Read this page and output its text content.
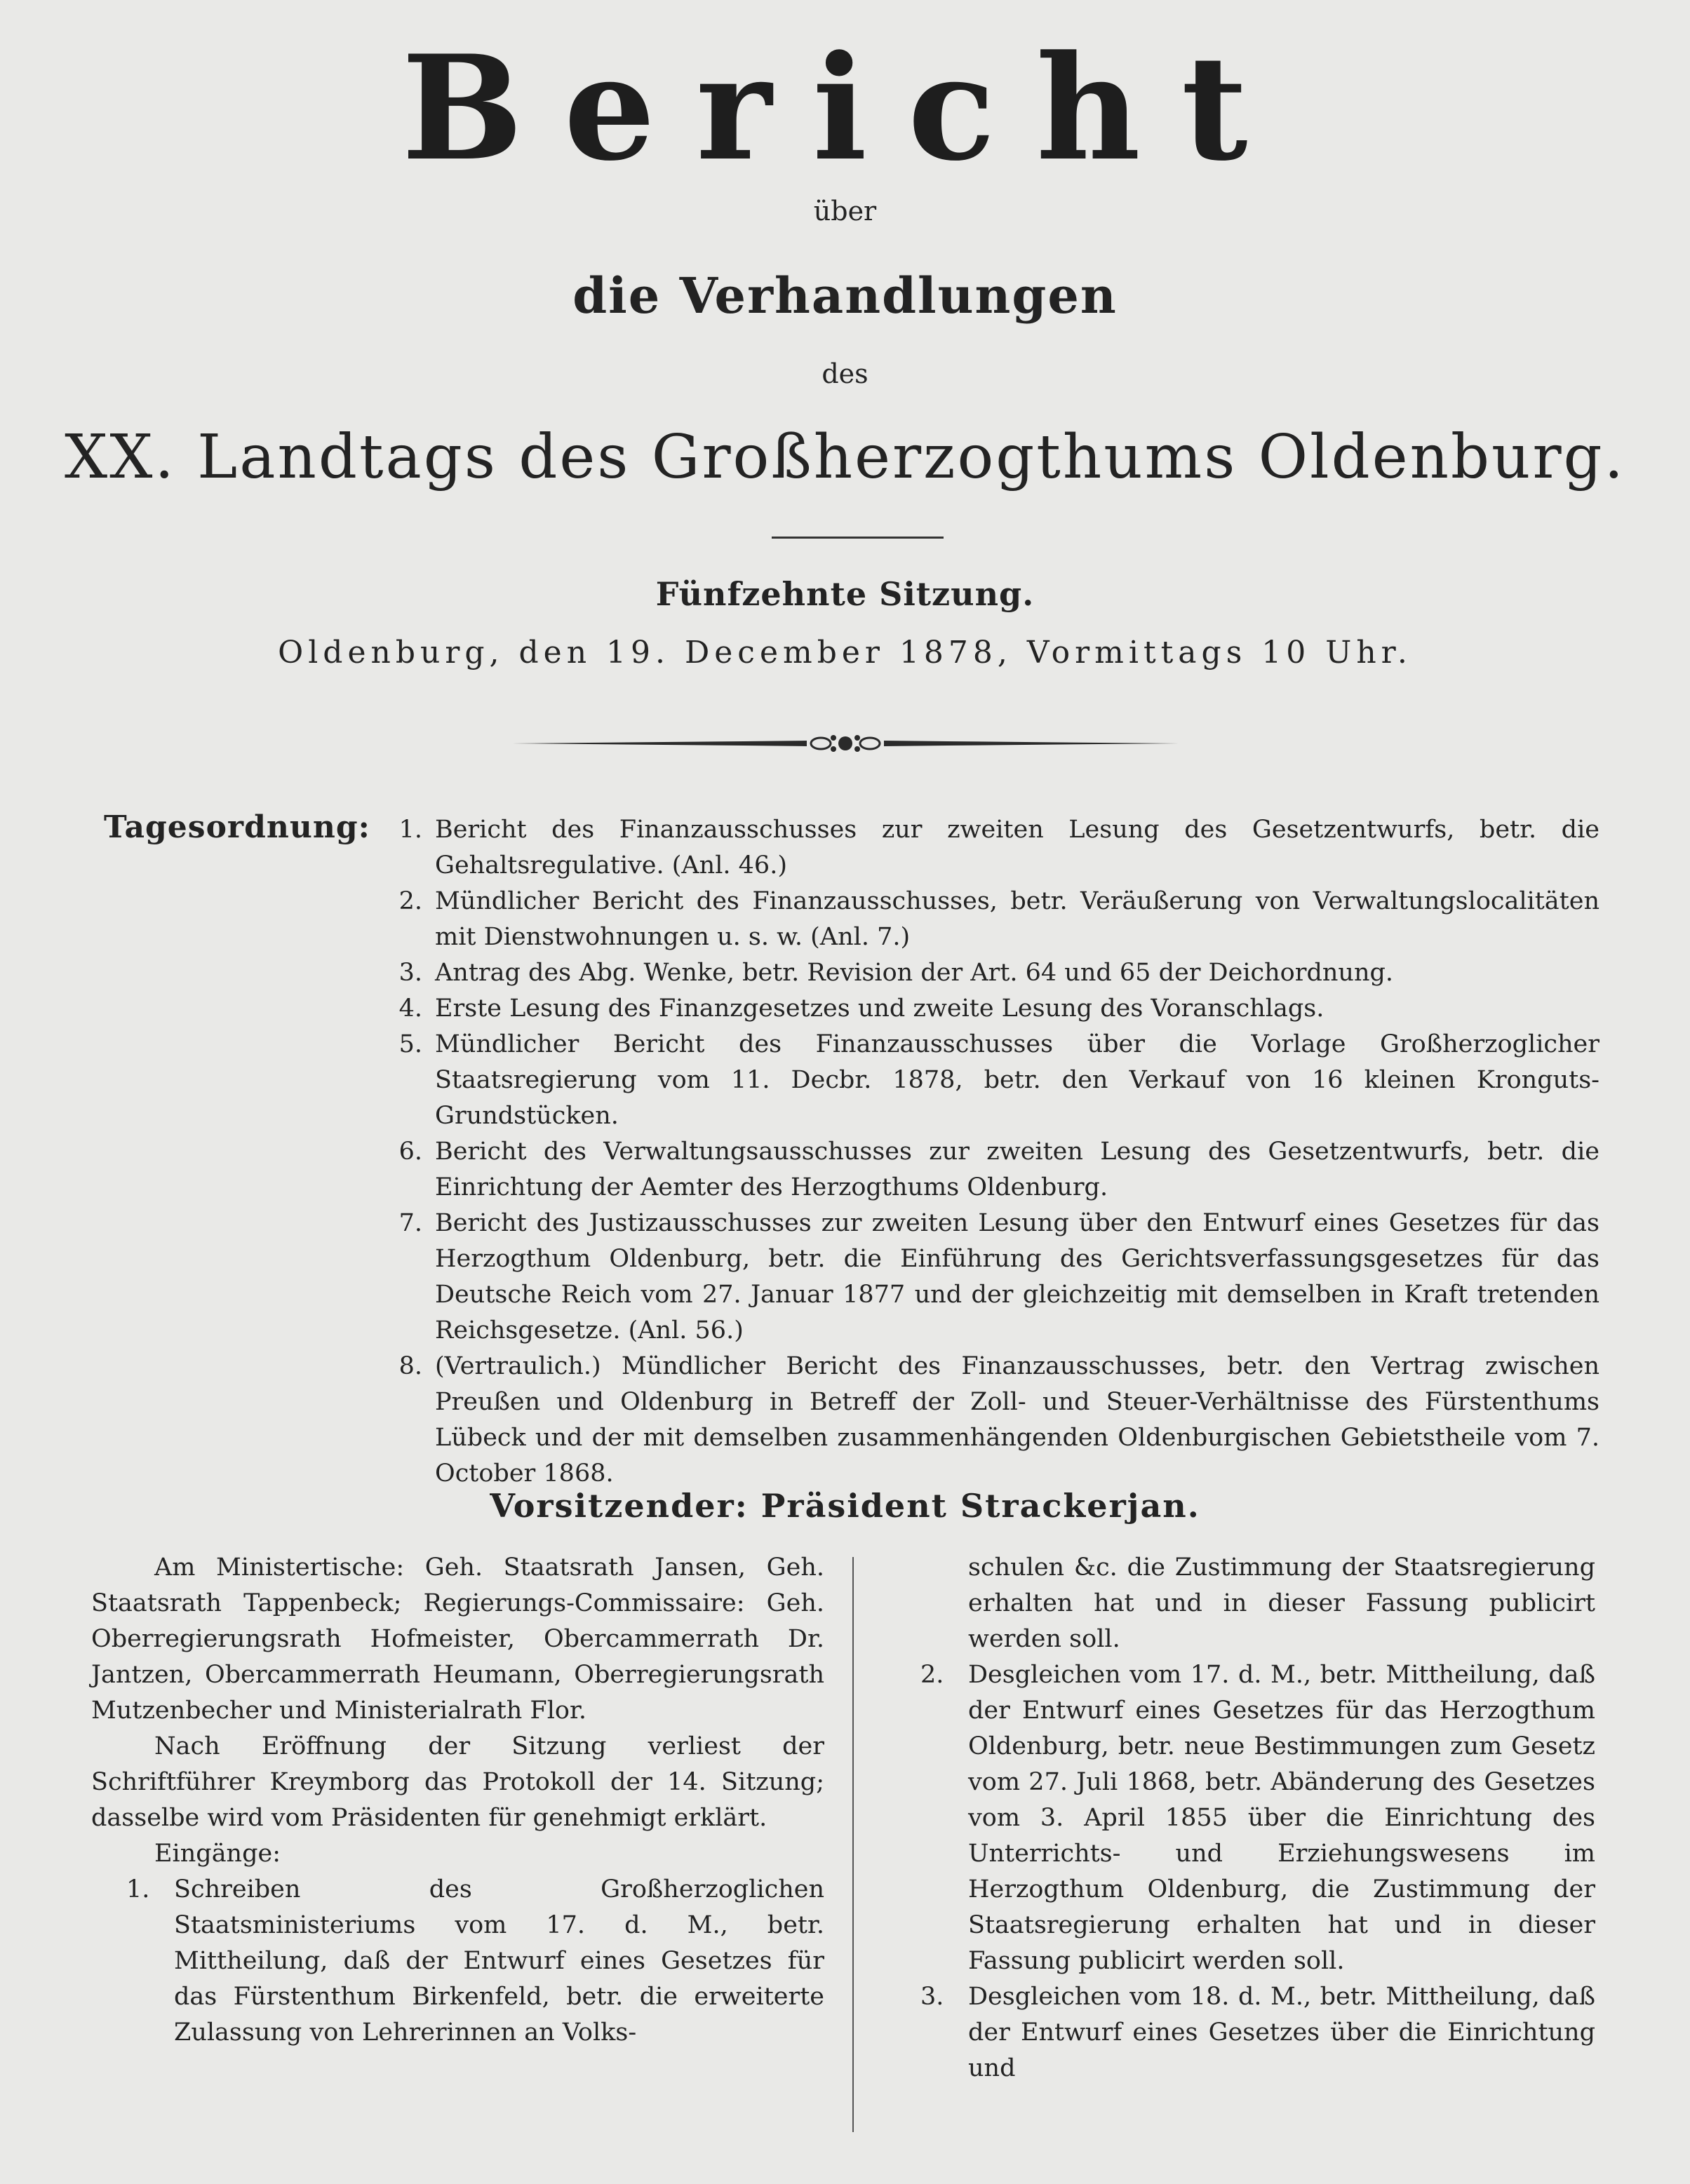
Bericht
über
die Verhandlungen
des
XX. Landtags des Großherzogthums Oldenburg.
Fünfzehnte Sitzung.
Oldenburg, den 19. December 1878, Vormittags 10 Uhr.
Tagesordnung:	1. Bericht des Finanzausschusses zur zweiten Lesung des Gesetzentwurfs, betr. die Gehaltsregulative. (Anl. 46.)
2. Mündlicher Bericht des Finanzausschusses, betr. Veräußerung von Verwaltungslocalitäten mit Dienstwohnungen u. s. w. (Anl. 7.)
3. Antrag des Abg. Wenke, betr. Revision der Art. 64 und 65 der Deichordnung.
4. Erste Lesung des Finanzgesetzes und zweite Lesung des Voranschlags.
5. Mündlicher Bericht des Finanzausschusses über die Vorlage Großherzoglicher Staatsregierung vom 11. Decbr. 1878, betr. den Verkauf von 16 kleinen Kronguts-Grundstücken.
6. Bericht des Verwaltungsausschusses zur zweiten Lesung des Gesetzentwurfs, betr. die Einrichtung der Aemter des Herzogthums Oldenburg.
7. Bericht des Justizausschusses zur zweiten Lesung über den Entwurf eines Gesetzes für das Herzogthum Oldenburg, betr. die Einführung des Gerichtsverfassungsgesetzes für das Deutsche Reich vom 27. Januar 1877 und der gleichzeitig mit demselben in Kraft tretenden Reichsgesetze. (Anl. 56.)
8. (Vertraulich.) Mündlicher Bericht des Finanzausschusses, betr. den Vertrag zwischen Preußen und Oldenburg in Betreff der Zoll- und Steuer-Verhältnisse des Fürstenthums Lübeck und der mit demselben zusammenhängenden Oldenburgischen Gebietstheile vom 7. October 1868.
Vorsitzender: Präsident Strackerjan.

Am Ministertische: Geh. Staatsrath Jansen, Geh. Staatsrath Tappenbeck; Regierungs-Commissaire: Geh. Oberregierungsrath Hofmeister, Obercammerrath Dr. Jantzen, Obercammerrath Heumann, Oberregierungsrath Mutzenbecher und Ministerialrath Flor.

Nach Eröffnung der Sitzung verliest der Schriftführer Kreymborg das Protokoll der 14. Sitzung; dasselbe wird vom Präsidenten für genehmigt erklärt.

Eingänge:

1. Schreiben des Großherzoglichen Staatsministeriums vom 17. d. M., betr. Mittheilung, daß der Entwurf eines Gesetzes für das Fürstenthum Birkenfeld, betr. die erweiterte Zulassung von Lehrerinnen an Volks-
schulen &c. die Zustimmung der Staatsregierung erhalten hat und in dieser Fassung publicirt werden soll.
2. Desgleichen vom 17. d. M., betr. Mittheilung, daß der Entwurf eines Gesetzes für das Herzogthum Oldenburg, betr. neue Bestimmungen zum Gesetz vom 27. Juli 1868, betr. Abänderung des Gesetzes vom 3. April 1855 über die Einrichtung des Unterrichts- und Erziehungswesens im Herzogthum Oldenburg, die Zustimmung der Staatsregierung erhalten hat und in dieser Fassung publicirt werden soll.
3. Desgleichen vom 18. d. M., betr. Mittheilung, daß der Entwurf eines Gesetzes über die Einrichtung und
